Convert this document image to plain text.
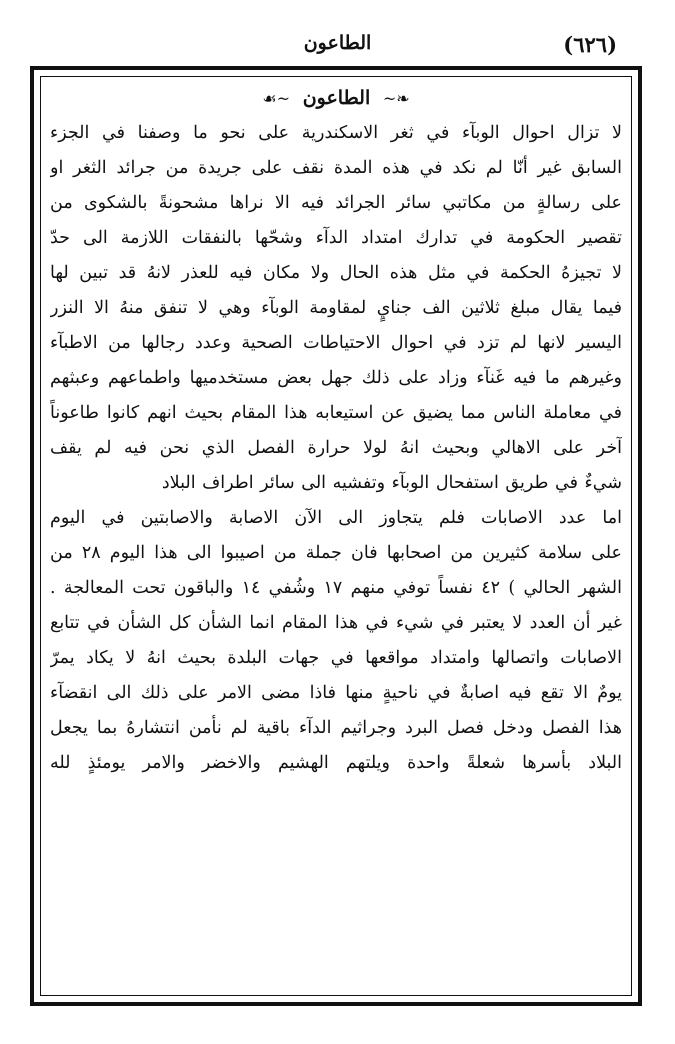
(٦٢٦)
الطاعون
❧~ الطاعون ~☙
لا تزال احوال الوبآء في ثغر الاسكندرية على نحو ما وصفنا في الجزء
السابق غير أنّا لم نكد في هذه المدة نقف على جريدة من جرائد الثغر او
على رسالةٍ من مكاتبي سائر الجرائد فيه الا نراها مشحونةً بالشكوى من
تقصير الحكومة في تدارك امتداد الدآء وشحّها بالنفقات اللازمة الى حدّ
لا تجيزهُ الحكمة في مثل هذه الحال ولا مكان فيه للعذر لانهُ قد تبين لها
فيما يقال مبلغ ثلاثين الف جنايٍ لمقاومة الوبآء وهي لا تنفق منهُ الا النزر
اليسير لانها لم تزد في احوال الاحتياطات الصحية وعدد رجالها من الاطبآء
وغيرهم ما فيه غَنآء وزاد على ذلك جهل بعض مستخدميها واطماعهم وعبثهم
في معاملة الناس مما يضيق عن استيعابه هذا المقام بحيث انهم كانوا طاعوناً
آخر على الاهالي وبحيث انهُ لولا حرارة الفصل الذي نحن فيه لم يقف
شيءٌ في طريق استفحال الوبآء وتفشيه الى سائر اطراف البلاد
اما عدد الاصابات فلم يتجاوز الى الآن الاصابة والاصابتين في اليوم
على سلامة كثيرين من اصحابها فان جملة من اصيبوا الى هذا اليوم ٢٨ من
الشهر الحالي ) ٤٢ نفساً توفي منهم ١٧ وشُفي ١٤ والباقون تحت المعالجة .
غير أن العدد لا يعتبر في شيء في هذا المقام انما الشأن كل الشأن في تتابع
الاصابات واتصالها وامتداد مواقعها في جهات البلدة بحيث انهُ لا يكاد يمرّ
يومٌ الا تقع فيه اصابةٌ في ناحيةٍ منها فاذا مضى الامر على ذلك الى انقضآء
هذا الفصل ودخل فصل البرد وجراثيم الدآء باقية لم نأمن انتشارهُ بما يجعل
البلاد بأسرها شعلةً واحدة ويلتهم الهشيم والاخضر والامر يومئذٍ لله
